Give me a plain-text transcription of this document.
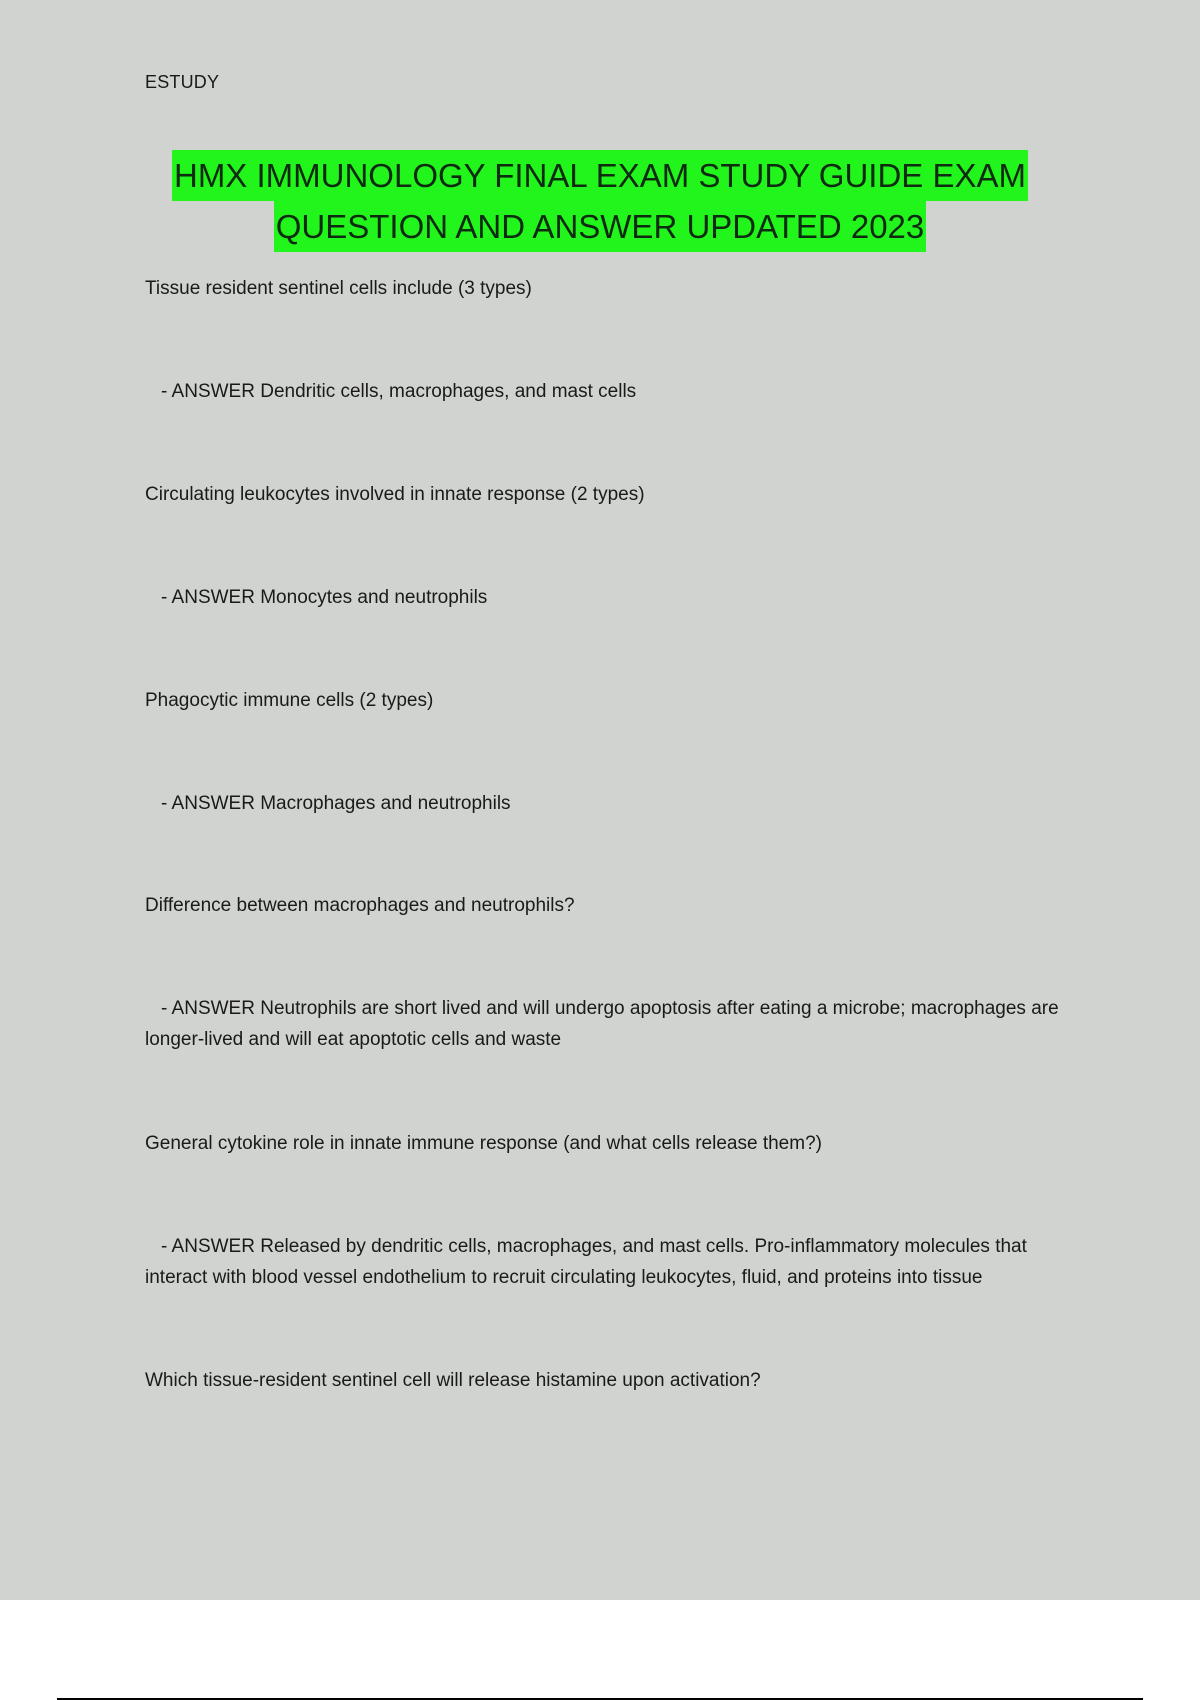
ESTUDY
HMX IMMUNOLOGY FINAL EXAM STUDY GUIDE EXAM
QUESTION AND ANSWER UPDATED 2023
Tissue resident sentinel cells include (3 types)
- ANSWER Dendritic cells, macrophages, and mast cells
Circulating leukocytes involved in innate response (2 types)
- ANSWER Monocytes and neutrophils
Phagocytic immune cells (2 types)
- ANSWER Macrophages and neutrophils
Difference between macrophages and neutrophils?
- ANSWER Neutrophils are short lived and will undergo apoptosis after eating a microbe; macrophages are longer-lived and will eat apoptotic cells and waste
General cytokine role in innate immune response (and what cells release them?)
- ANSWER Released by dendritic cells, macrophages, and mast cells. Pro-inflammatory molecules that interact with blood vessel endothelium to recruit circulating leukocytes, fluid, and proteins into tissue
Which tissue-resident sentinel cell will release histamine upon activation?
